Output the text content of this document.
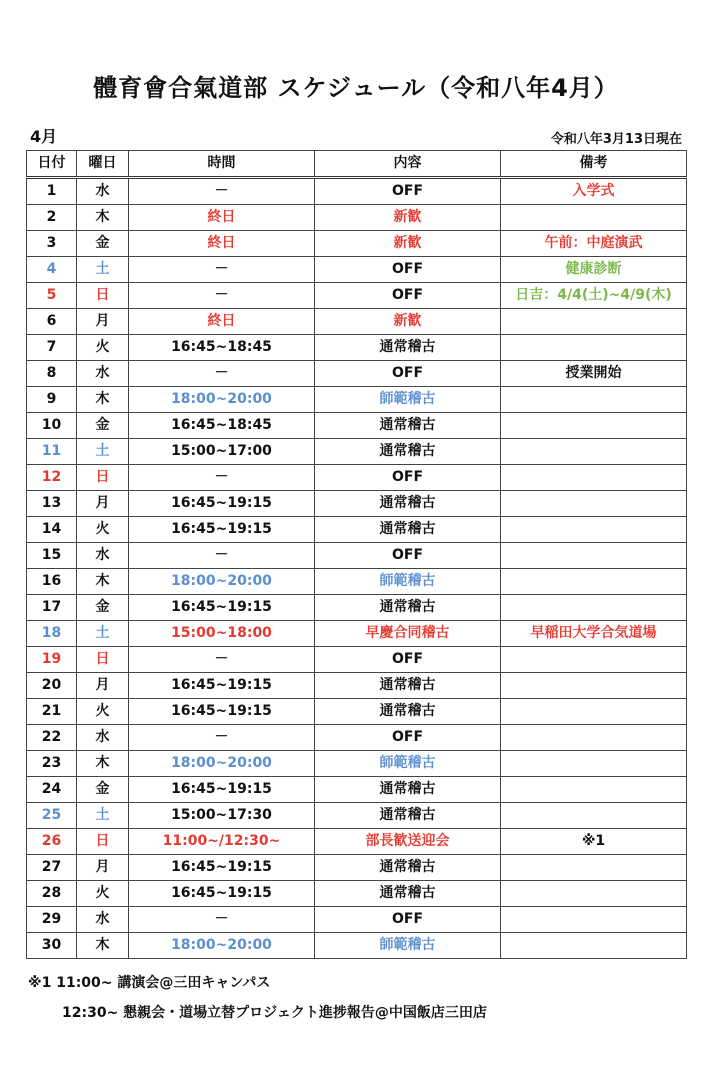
體育會合氣道部 スケジュール（令和八年4月）
4月	令和八年3月13日現在
日付	曜日	時間	内容	備考
1	水	－	OFF	入学式
2	木	終日	新歓	
3	金	終日	新歓	午前：中庭演武
4	土	－	OFF	健康診断
5	日	－	OFF	日吉：4/4(土)~4/9(木)
6	月	終日	新歓	
7	火	16:45~18:45	通常稽古	
8	水	－	OFF	授業開始
9	木	18:00~20:00	師範稽古	
10	金	16:45~18:45	通常稽古	
11	土	15:00~17:00	通常稽古	
12	日	－	OFF	
13	月	16:45~19:15	通常稽古	
14	火	16:45~19:15	通常稽古	
15	水	－	OFF	
16	木	18:00~20:00	師範稽古	
17	金	16:45~19:15	通常稽古	
18	土	15:00~18:00	早慶合同稽古	早稲田大学合気道場
19	日	－	OFF	
20	月	16:45~19:15	通常稽古	
21	火	16:45~19:15	通常稽古	
22	水	－	OFF	
23	木	18:00~20:00	師範稽古	
24	金	16:45~19:15	通常稽古	
25	土	15:00~17:30	通常稽古	
26	日	11:00~/12:30~	部長歓送迎会	※1
27	月	16:45~19:15	通常稽古	
28	火	16:45~19:15	通常稽古	
29	水	－	OFF	
30	木	18:00~20:00	師範稽古	
※1 11:00~ 講演会@三田キャンパス
12:30~ 懇親会・道場立替プロジェクト進捗報告@中国飯店三田店
